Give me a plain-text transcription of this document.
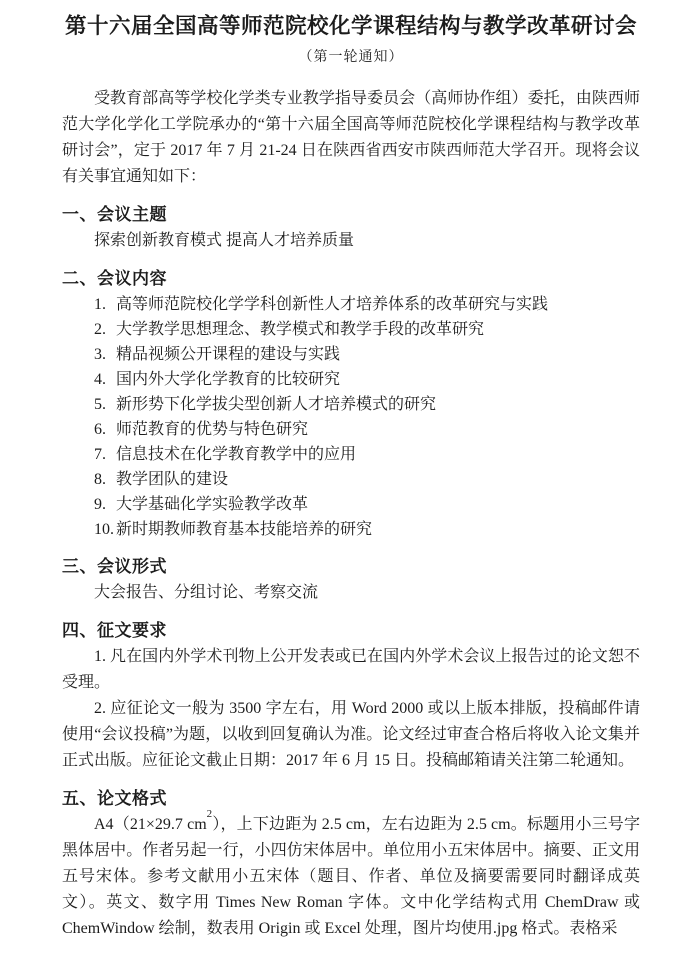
第十六届全国高等师范院校化学课程结构与教学改革研讨会

（第一轮通知）

受教育部高等学校化学类专业教学指导委员会（高师协作组）委托，由陕西师范大学化学化工学院承办的“第十六届全国高等师范院校化学课程结构与教学改革研讨会”，定于 2017 年 7 月 21-24 日在陕西省西安市陕西师范大学召开。现将会议有关事宜通知如下：

一、会议主题

探索创新教育模式 提高人才培养质量

二、会议内容
1. 高等师范院校化学学科创新性人才培养体系的改革研究与实践
2. 大学教学思想理念、教学模式和教学手段的改革研究
3. 精品视频公开课程的建设与实践
4. 国内外大学化学教育的比较研究
5. 新形势下化学拔尖型创新人才培养模式的研究
6. 师范教育的优势与特色研究
7. 信息技术在化学教育教学中的应用
8. 教学团队的建设
9. 大学基础化学实验教学改革
10. 新时期教师教育基本技能培养的研究
三、会议形式

大会报告、分组讨论、考察交流

四、征文要求

1. 凡在国内外学术刊物上公开发表或已在国内外学术会议上报告过的论文恕不受理。

2. 应征论文一般为 3500 字左右，用 Word 2000 或以上版本排版，投稿邮件请使用“会议投稿”为题，以收到回复确认为准。论文经过审查合格后将收入论文集并正式出版。应征论文截止日期：2017 年 6 月 15 日。投稿邮箱请关注第二轮通知。

五、论文格式

A4（21×29.7 $cm^2$），上下边距为 2.5 cm，左右边距为 2.5 cm。标题用小三号字黑体居中。作者另起一行，小四仿宋体居中。单位用小五宋体居中。摘要、正文用五号宋体。参考文献用小五宋体（题目、作者、单位及摘要需要同时翻译成英文）。英文、数字用 Times New Roman 字体。文中化学结构式用 ChemDraw 或 ChemWindow 绘制，数表用 Origin 或 Excel 处理，图片均使用.jpg 格式。表格采
